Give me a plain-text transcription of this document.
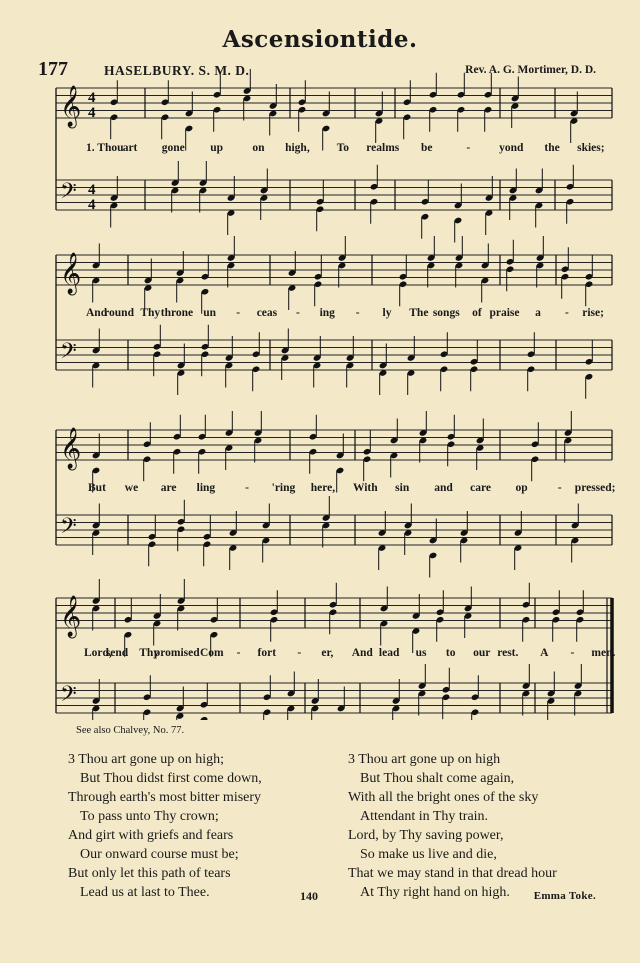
Ascensiontide.
177	HASELBURY. S. M. D.	Rev. A. G. Mortimer, D. D.
𝄞 4
4
𝄢 4
4
𝄞
𝄢
𝄞
𝄢
𝄞
𝄢
1. Thou art gone up	on high, To realms be	-	yond the skies;
And
round Thy throne un - ceas - ing - ly The songs of praise a - rise;
But we are ling	- 'ring here, With sin and care op	- pressed;
Lord,
send Thy
promised Com - fort - er, And lead us to our rest. A - men.
See also Chalvey, No. 77.
3 Thou art gone up on high;
But Thou didst first come down,
Through earth's most bitter misery
To pass unto Thy crown;
And girt with griefs and fears
Our onward course must be;
But only let this path of tears
Lead us at last to Thee.
3 Thou art gone up on high
But Thou shalt come again,
With all the bright ones of the sky
Attendant in Thy train.
Lord, by Thy saving power,
So make us live and die,
That we may stand in that dread hour
At Thy right hand on high.
140	Emma Toke.
